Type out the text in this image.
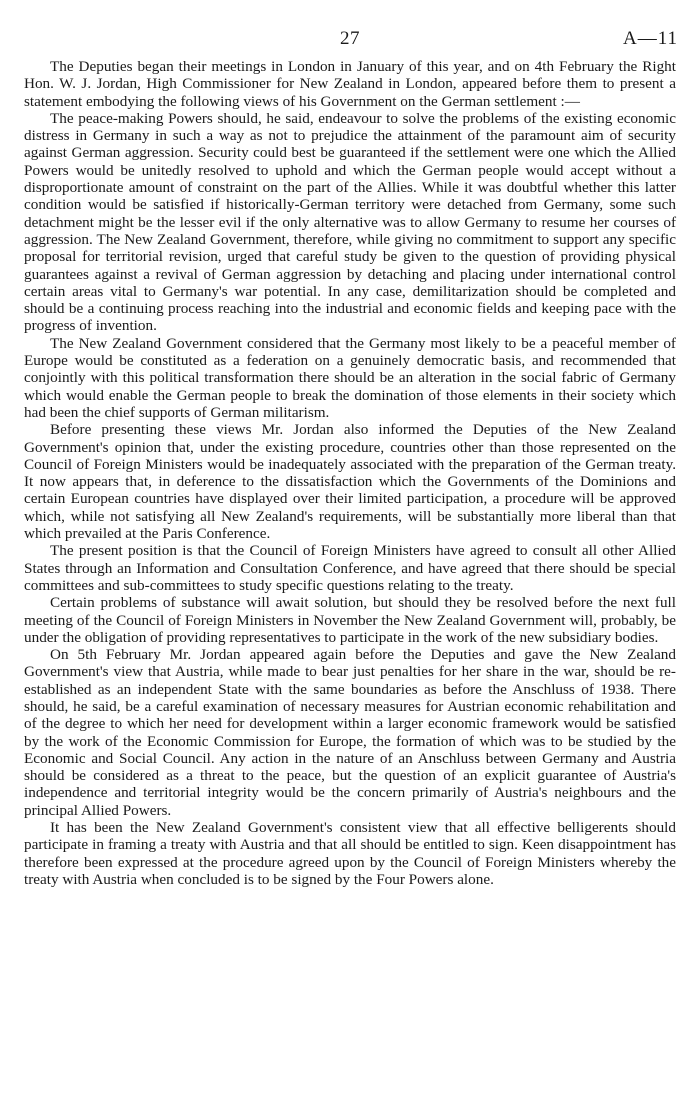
27	A—11

The Deputies began their meetings in London in January of this year, and on 4th February the Right Hon. W. J. Jordan, High Commissioner for New Zealand in London, appeared before them to present a statement embodying the following views of his Government on the German settlement :—

The peace-making Powers should, he said, endeavour to solve the problems of the existing economic distress in Germany in such a way as not to prejudice the attainment of the paramount aim of security against German aggression. Security could best be guaranteed if the settlement were one which the Allied Powers would be unitedly resolved to uphold and which the German people would accept without a disproportionate amount of constraint on the part of the Allies. While it was doubtful whether this latter condition would be satisfied if historically-German territory were detached from Germany, some such detachment might be the lesser evil if the only alternative was to allow Germany to resume her courses of aggression. The New Zealand Government, therefore, while giving no commitment to support any specific proposal for territorial revision, urged that careful study be given to the question of providing physical guarantees against a revival of German aggression by detaching and placing under international control certain areas vital to Germany's war potential. In any case, demilitarization should be completed and should be a continuing process reaching into the industrial and economic fields and keeping pace with the progress of invention.

The New Zealand Government considered that the Germany most likely to be a peaceful member of Europe would be constituted as a federation on a genuinely democratic basis, and recommended that conjointly with this political transformation there should be an alteration in the social fabric of Germany which would enable the German people to break the domination of those elements in their society which had been the chief supports of German militarism.

Before presenting these views Mr. Jordan also informed the Deputies of the New Zealand Government's opinion that, under the existing procedure, countries other than those represented on the Council of Foreign Ministers would be inadequately associated with the preparation of the German treaty. It now appears that, in deference to the dissatisfaction which the Governments of the Dominions and certain European countries have displayed over their limited participation, a procedure will be approved which, while not satisfying all New Zealand's requirements, will be substantially more liberal than that which prevailed at the Paris Conference.

The present position is that the Council of Foreign Ministers have agreed to consult all other Allied States through an Information and Consultation Conference, and have agreed that there should be special committees and sub-committees to study specific questions relating to the treaty.

Certain problems of substance will await solution, but should they be resolved before the next full meeting of the Council of Foreign Ministers in November the New Zealand Government will, probably, be under the obligation of providing representatives to participate in the work of the new subsidiary bodies.

On 5th February Mr. Jordan appeared again before the Deputies and gave the New Zealand Government's view that Austria, while made to bear just penalties for her share in the war, should be re-established as an independent State with the same boundaries as before the Anschluss of 1938. There should, he said, be a careful examination of necessary measures for Austrian economic rehabilitation and of the degree to which her need for development within a larger economic framework would be satisfied by the work of the Economic Commission for Europe, the formation of which was to be studied by the Economic and Social Council. Any action in the nature of an Anschluss between Germany and Austria should be considered as a threat to the peace, but the question of an explicit guarantee of Austria's independence and territorial integrity would be the concern primarily of Austria's neighbours and the principal Allied Powers.

It has been the New Zealand Government's consistent view that all effective belligerents should participate in framing a treaty with Austria and that all should be entitled to sign. Keen disappointment has therefore been expressed at the procedure agreed upon by the Council of Foreign Ministers whereby the treaty with Austria when concluded is to be signed by the Four Powers alone.
